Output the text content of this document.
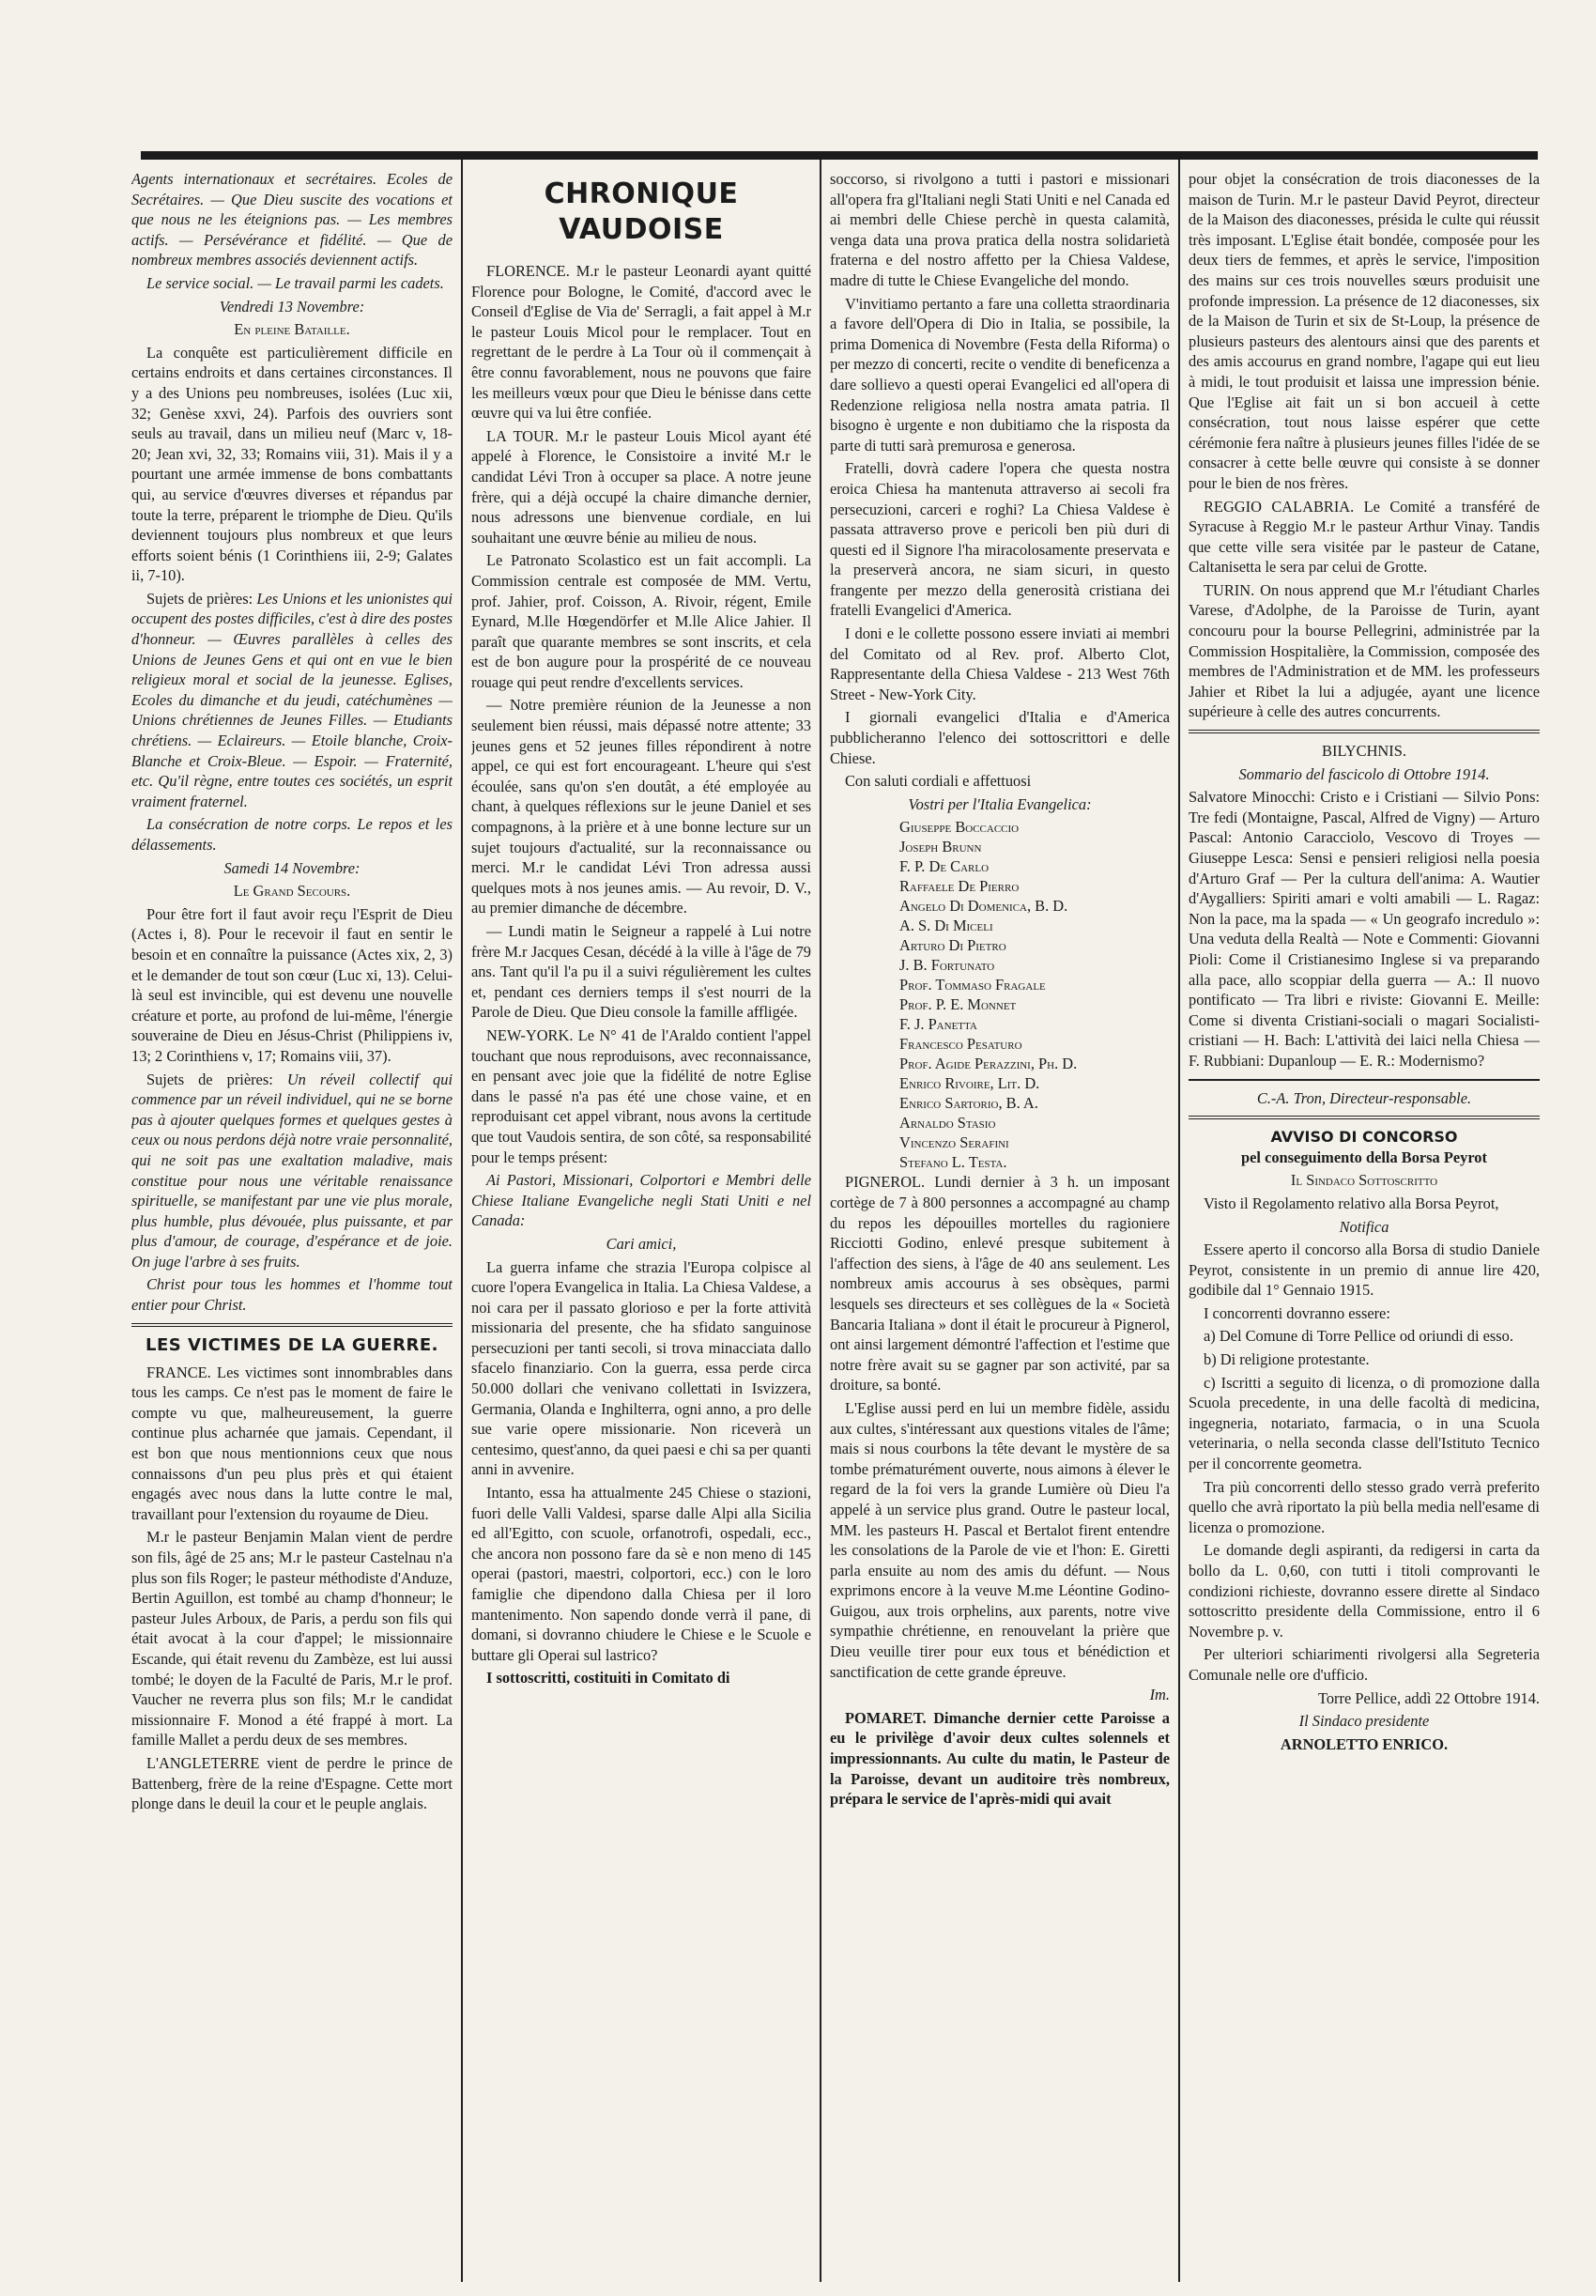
Agents internationaux et secrétaires. Ecoles de Secrétaires. — Que Dieu suscite des vocations et que nous ne les éteignions pas. — Les membres actifs. — Persévérance et fidélité. — Que de nombreux membres associés deviennent actifs.

Le service social. — Le travail parmi les cadets.

Vendredi 13 Novembre:

En pleine Bataille.

La conquête est particulièrement difficile en certains endroits et dans certaines circonstances. Il y a des Unions peu nombreuses, isolées (Luc xii, 32; Genèse xxvi, 24). Parfois des ouvriers sont seuls au travail, dans un milieu neuf (Marc v, 18-20; Jean xvi, 32, 33; Romains viii, 31). Mais il y a pourtant une armée immense de bons combattants qui, au service d'œuvres diverses et répandus par toute la terre, préparent le triomphe de Dieu. Qu'ils deviennent toujours plus nombreux et que leurs efforts soient bénis (1 Corinthiens iii, 2-9; Galates ii, 7-10).

Sujets de prières: Les Unions et les unionistes qui occupent des postes difficiles, c'est à dire des postes d'honneur. — Œuvres parallèles à celles des Unions de Jeunes Gens et qui ont en vue le bien religieux moral et social de la jeunesse. Eglises, Ecoles du dimanche et du jeudi, catéchumènes — Unions chrétiennes de Jeunes Filles. — Etudiants chrétiens. — Eclaireurs. — Etoile blanche, Croix-Blanche et Croix-Bleue. — Espoir. — Fraternité, etc. Qu'il règne, entre toutes ces sociétés, un esprit vraiment fraternel.

La consécration de notre corps. Le repos et les délassements.

Samedi 14 Novembre:

Le Grand Secours.

Pour être fort il faut avoir reçu l'Esprit de Dieu (Actes i, 8). Pour le recevoir il faut en sentir le besoin et en connaître la puissance (Actes xix, 2, 3) et le demander de tout son cœur (Luc xi, 13). Celui-là seul est invincible, qui est devenu une nouvelle créature et porte, au profond de lui-même, l'énergie souveraine de Dieu en Jésus-Christ (Philippiens iv, 13; 2 Corinthiens v, 17; Romains viii, 37).

Sujets de prières: Un réveil collectif qui commence par un réveil individuel, qui ne se borne pas à ajouter quelques formes et quelques gestes à ceux ou nous perdons déjà notre vraie personnalité, qui ne soit pas une exaltation maladive, mais constitue pour nous une véritable renaissance spirituelle, se manifestant par une vie plus morale, plus humble, plus dévouée, plus puissante, et par plus d'amour, de courage, d'espérance et de joie. On juge l'arbre à ses fruits.

Christ pour tous les hommes et l'homme tout entier pour Christ.

LES VICTIMES DE LA GUERRE.

FRANCE. Les victimes sont innombrables dans tous les camps. Ce n'est pas le moment de faire le compte vu que, malheureusement, la guerre continue plus acharnée que jamais. Cependant, il est bon que nous mentionnions ceux que nous connaissons d'un peu plus près et qui étaient engagés avec nous dans la lutte contre le mal, travaillant pour l'extension du royaume de Dieu.

M.r le pasteur Benjamin Malan vient de perdre son fils, âgé de 25 ans; M.r le pasteur Castelnau n'a plus son fils Roger; le pasteur méthodiste d'Anduze, Bertin Aguillon, est tombé au champ d'honneur; le pasteur Jules Arboux, de Paris, a perdu son fils qui était avocat à la cour d'appel; le missionnaire Escande, qui était revenu du Zambèze, est lui aussi tombé; le doyen de la Faculté de Paris, M.r le prof. Vaucher ne reverra plus son fils; M.r le candidat missionnaire F. Monod a été frappé à mort. La famille Mallet a perdu deux de ses membres.

L'ANGLETERRE vient de perdre le prince de Battenberg, frère de la reine d'Espagne. Cette mort plonge dans le deuil la cour et le peuple anglais.

CHRONIQUE VAUDOISE

FLORENCE. M.r le pasteur Leonardi ayant quitté Florence pour Bologne, le Comité, d'accord avec le Conseil d'Eglise de Via de' Serragli, a fait appel à M.r le pasteur Louis Micol pour le remplacer. Tout en regrettant de le perdre à La Tour où il commençait à être connu favorablement, nous ne pouvons que faire les meilleurs vœux pour que Dieu le bénisse dans cette œuvre qui va lui être confiée.

LA TOUR. M.r le pasteur Louis Micol ayant été appelé à Florence, le Consistoire a invité M.r le candidat Lévi Tron à occuper sa place. A notre jeune frère, qui a déjà occupé la chaire dimanche dernier, nous adressons une bienvenue cordiale, en lui souhaitant une œuvre bénie au milieu de nous.

Le Patronato Scolastico est un fait accompli. La Commission centrale est composée de MM. Vertu, prof. Jahier, prof. Coisson, A. Rivoir, régent, Emile Eynard, M.lle Hœgendörfer et M.lle Alice Jahier. Il paraît que quarante membres se sont inscrits, et cela est de bon augure pour la prospérité de ce nouveau rouage qui peut rendre d'excellents services.

— Notre première réunion de la Jeunesse a non seulement bien réussi, mais dépassé notre attente; 33 jeunes gens et 52 jeunes filles répondirent à notre appel, ce qui est fort encourageant. L'heure qui s'est écoulée, sans qu'on s'en doutât, a été employée au chant, à quelques réflexions sur le jeune Daniel et ses compagnons, à la prière et à une bonne lecture sur un sujet toujours d'actualité, sur la reconnaissance ou merci. M.r le candidat Lévi Tron adressa aussi quelques mots à nos jeunes amis. — Au revoir, D. V., au premier dimanche de décembre.

— Lundi matin le Seigneur a rappelé à Lui notre frère M.r Jacques Cesan, décédé à la ville à l'âge de 79 ans. Tant qu'il l'a pu il a suivi régulièrement les cultes et, pendant ces derniers temps il s'est nourri de la Parole de Dieu. Que Dieu console la famille affligée.

NEW-YORK. Le N° 41 de l'Araldo contient l'appel touchant que nous reproduisons, avec reconnaissance, en pensant avec joie que la fidélité de notre Eglise dans le passé n'a pas été une chose vaine, et en reproduisant cet appel vibrant, nous avons la certitude que tout Vaudois sentira, de son côté, sa responsabilité pour le temps présent:

Ai Pastori, Missionari, Colportori e Membri delle Chiese Italiane Evangeliche negli Stati Uniti e nel Canada:

Cari amici,

La guerra infame che strazia l'Europa colpisce al cuore l'opera Evangelica in Italia. La Chiesa Valdese, a noi cara per il passato glorioso e per la forte attività missionaria del presente, che ha sfidato sanguinose persecuzioni per tanti secoli, si trova minacciata dallo sfacelo finanziario. Con la guerra, essa perde circa 50.000 dollari che venivano collettati in Isvizzera, Germania, Olanda e Inghilterra, ogni anno, a pro delle sue varie opere missionarie. Non riceverà un centesimo, quest'anno, da quei paesi e chi sa per quanti anni in avvenire.

Intanto, essa ha attualmente 245 Chiese o stazioni, fuori delle Valli Valdesi, sparse dalle Alpi alla Sicilia ed all'Egitto, con scuole, orfanotrofi, ospedali, ecc., che ancora non possono fare da sè e non meno di 145 operai (pastori, maestri, colportori, ecc.) con le loro famiglie che dipendono dalla Chiesa per il loro mantenimento. Non sapendo donde verrà il pane, di domani, si dovranno chiudere le Chiese e le Scuole e buttare gli Operai sul lastrico?

I sottoscritti, costituiti in Comitato di

soccorso, si rivolgono a tutti i pastori e missionari all'opera fra gl'Italiani negli Stati Uniti e nel Canada ed ai membri delle Chiese perchè in questa calamità, venga data una prova pratica della nostra solidarietà fraterna e del nostro affetto per la Chiesa Valdese, madre di tutte le Chiese Evangeliche del mondo.

V'invitiamo pertanto a fare una colletta straordinaria a favore dell'Opera di Dio in Italia, se possibile, la prima Domenica di Novembre (Festa della Riforma) o per mezzo di concerti, recite o vendite di beneficenza a dare sollievo a questi operai Evangelici ed all'opera di Redenzione religiosa nella nostra amata patria. Il bisogno è urgente e non dubitiamo che la risposta da parte di tutti sarà premurosa e generosa.

Fratelli, dovrà cadere l'opera che questa nostra eroica Chiesa ha mantenuta attraverso ai secoli fra persecuzioni, carceri e roghi? La Chiesa Valdese è passata attraverso prove e pericoli ben più duri di questi ed il Signore l'ha miracolosamente preservata e la preserverà ancora, ne siam sicuri, in questo frangente per mezzo della generosità cristiana dei fratelli Evangelici d'America.

I doni e le collette possono essere inviati ai membri del Comitato od al Rev. prof. Alberto Clot, Rappresentante della Chiesa Valdese - 213 West 76th Street - New-York City.

I giornali evangelici d'Italia e d'America pubblicheranno l'elenco dei sottoscrittori e delle Chiese.

Con saluti cordiali e affettuosi

Vostri per l'Italia Evangelica:

Giuseppe Boccaccio
Joseph Brunn
F. P. De Carlo
Raffaele De Pierro
Angelo Di Domenica, B. D.
A. S. Di Miceli
Arturo Di Pietro
J. B. Fortunato
Prof. Tommaso Fragale
Prof. P. E. Monnet
F. J. Panetta
Francesco Pesaturo
Prof. Agide Perazzini, Ph. D.
Enrico Rivoire, Lit. D.
Enrico Sartorio, B. A.
Arnaldo Stasio
Vincenzo Serafini
Stefano L. Testa.

PIGNEROL. Lundi dernier à 3 h. un imposant cortège de 7 à 800 personnes a accompagné au champ du repos les dépouilles mortelles du ragioniere Ricciotti Godino, enlevé presque subitement à l'affection des siens, à l'âge de 40 ans seulement. Les nombreux amis accourus à ses obsèques, parmi lesquels ses directeurs et ses collègues de la « Società Bancaria Italiana » dont il était le procureur à Pignerol, ont ainsi largement démontré l'affection et l'estime que notre frère avait su se gagner par son activité, par sa droiture, sa bonté.

L'Eglise aussi perd en lui un membre fidèle, assidu aux cultes, s'intéressant aux questions vitales de l'âme; mais si nous courbons la tête devant le mystère de sa tombe prématurément ouverte, nous aimons à élever le regard de la foi vers la grande Lumière où Dieu l'a appelé à un service plus grand. Outre le pasteur local, MM. les pasteurs H. Pascal et Bertalot firent entendre les consolations de la Parole de vie et l'hon: E. Giretti parla ensuite au nom des amis du défunt. — Nous exprimons encore à la veuve M.me Léontine Godino-Guigou, aux trois orphelins, aux parents, notre vive sympathie chrétienne, en renouvelant la prière que Dieu veuille tirer pour eux tous et bénédiction et sanctification de cette grande épreuve.

Im.

POMARET. Dimanche dernier cette Paroisse a eu le privilège d'avoir deux cultes solennels et impressionnants. Au culte du matin, le Pasteur de la Paroisse, devant un auditoire très nombreux, prépara le service de l'après-midi qui avait

pour objet la consécration de trois diaconesses de la maison de Turin. M.r le pasteur David Peyrot, directeur de la Maison des diaconesses, présida le culte qui réussit très imposant. L'Eglise était bondée, composée pour les deux tiers de femmes, et après le service, l'imposition des mains sur ces trois nouvelles sœurs produisit une profonde impression. La présence de 12 diaconesses, six de la Maison de Turin et six de St-Loup, la présence de plusieurs pasteurs des alentours ainsi que des parents et des amis accourus en grand nombre, l'agape qui eut lieu à midi, le tout produisit et laissa une impression bénie. Que l'Eglise ait fait un si bon accueil à cette consécration, tout nous laisse espérer que cette cérémonie fera naître à plusieurs jeunes filles l'idée de se consacrer à cette belle œuvre qui consiste à se donner pour le bien de nos frères.

REGGIO CALABRIA. Le Comité a transféré de Syracuse à Reggio M.r le pasteur Arthur Vinay. Tandis que cette ville sera visitée par le pasteur de Catane, Caltanisetta le sera par celui de Grotte.

TURIN. On nous apprend que M.r l'étudiant Charles Varese, d'Adolphe, de la Paroisse de Turin, ayant concouru pour la bourse Pellegrini, administrée par la Commission Hospitalière, la Commission, composée des membres de l'Administration et de MM. les professeurs Jahier et Ribet la lui a adjugée, ayant une licence supérieure à celle des autres concurrents.

BILYCHNIS.

Sommario del fascicolo di Ottobre 1914.

Salvatore Minocchi: Cristo e i Cristiani — Silvio Pons: Tre fedi (Montaigne, Pascal, Alfred de Vigny) — Arturo Pascal: Antonio Caracciolo, Vescovo di Troyes — Giuseppe Lesca: Sensi e pensieri religiosi nella poesia d'Arturo Graf — Per la cultura dell'anima: A. Wautier d'Aygalliers: Spiriti amari e volti amabili — L. Ragaz: Non la pace, ma la spada — « Un geografo incredulo »: Una veduta della Realtà — Note e Commenti: Giovanni Pioli: Come il Cristianesimo Inglese si va preparando alla pace, allo scoppiar della guerra — A.: Il nuovo pontificato — Tra libri e riviste: Giovanni E. Meille: Come si diventa Cristiani-sociali o magari Socialisti-cristiani — H. Bach: L'attività dei laici nella Chiesa — F. Rubbiani: Dupanloup — E. R.: Modernismo?

C.-A. Tron, Directeur-responsable.

AVVISO DI CONCORSO

pel conseguimento della Borsa Peyrot

Il Sindaco Sottoscritto

Visto il Regolamento relativo alla Borsa Peyrot,

Notifica

Essere aperto il concorso alla Borsa di studio Daniele Peyrot, consistente in un premio di annue lire 420, godibile dal 1° Gennaio 1915.

I concorrenti dovranno essere:

a) Del Comune di Torre Pellice od oriundi di esso.

b) Di religione protestante.

c) Iscritti a seguito di licenza, o di promozione dalla Scuola precedente, in una delle facoltà di medicina, ingegneria, notariato, farmacia, o in una Scuola veterinaria, o nella seconda classe dell'Istituto Tecnico per il concorrente geometra.

Tra più concorrenti dello stesso grado verrà preferito quello che avrà riportato la più bella media nell'esame di licenza o promozione.

Le domande degli aspiranti, da redigersi in carta da bollo da L. 0,60, con tutti i titoli comprovanti le condizioni richieste, dovranno essere dirette al Sindaco sottoscritto presidente della Commissione, entro il 6 Novembre p. v.

Per ulteriori schiarimenti rivolgersi alla Segreteria Comunale nelle ore d'ufficio.

Torre Pellice, addì 22 Ottobre 1914.

Il Sindaco presidente

ARNOLETTO ENRICO.
